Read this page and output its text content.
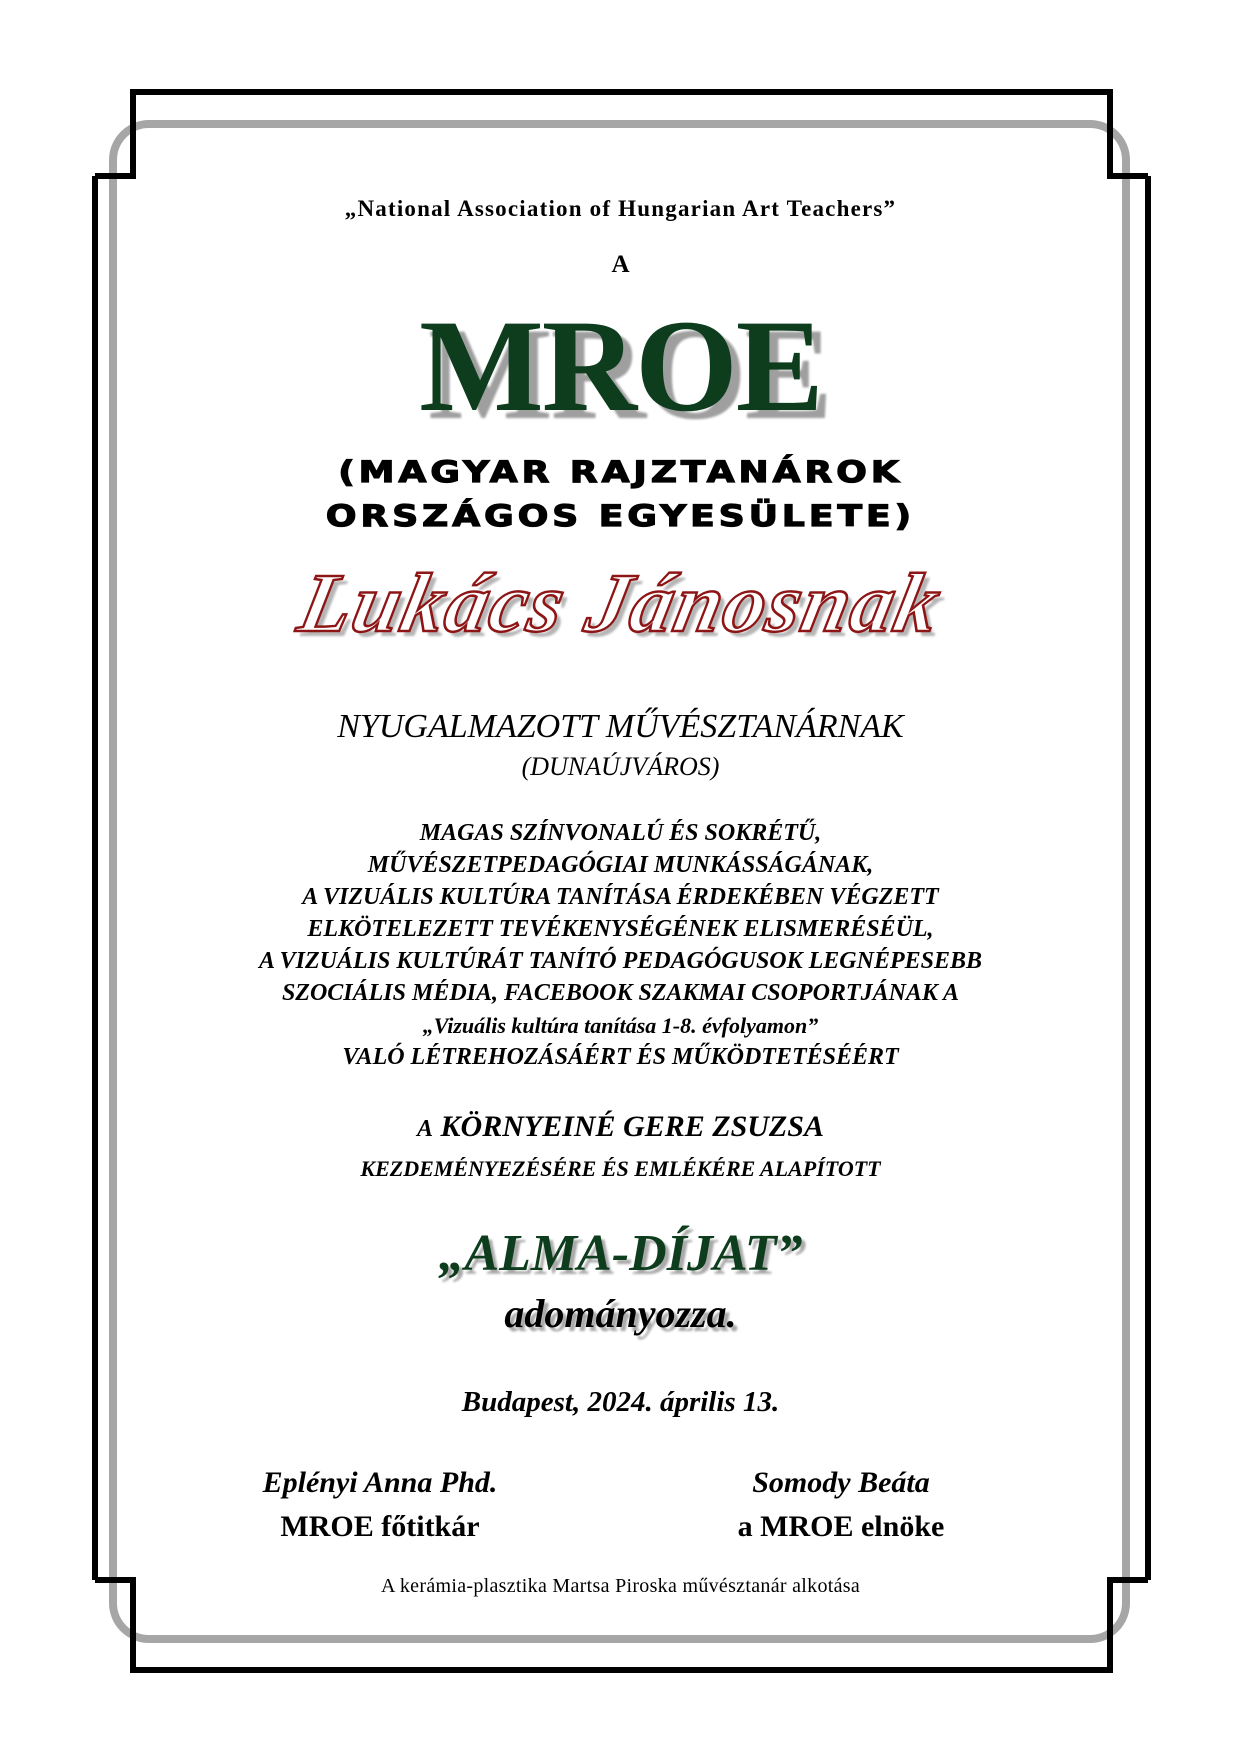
„National Association of Hungarian Art Teachers”
A
MROE
(MAGYAR RAJZTANÁROK
ORSZÁGOS EGYESÜLETE)
Lukács Jánosnak
NYUGALMAZOTT MŰVÉSZTANÁRNAK
(DUNAÚJVÁROS)
MAGAS SZÍNVONALÚ ÉS SOKRÉTŰ,
MŰVÉSZETPEDAGÓGIAI MUNKÁSSÁGÁNAK,
A VIZUÁLIS KULTÚRA TANÍTÁSA ÉRDEKÉBEN VÉGZETT
ELKÖTELEZETT TEVÉKENYSÉGÉNEK ELISMERÉSÉÜL,
A VIZUÁLIS KULTÚRÁT TANÍTÓ PEDAGÓGUSOK LEGNÉPESEBB
SZOCIÁLIS MÉDIA, FACEBOOK SZAKMAI CSOPORTJÁNAK A
„Vizuális kultúra tanítása 1-8. évfolyamon”
VALÓ LÉTREHOZÁSÁÉRT ÉS MŰKÖDTETÉSÉÉRT
A KÖRNYEINÉ GERE ZSUZSA
KEZDEMÉNYEZÉSÉRE ÉS EMLÉKÉRE ALAPÍTOTT
„ALMA-DÍJAT”
adományozza.
Budapest, 2024. április 13.
Eplényi Anna Phd.
MROE főtitkár
Somody Beáta
a MROE elnöke
A kerámia-plasztika Martsa Piroska művésztanár alkotása
